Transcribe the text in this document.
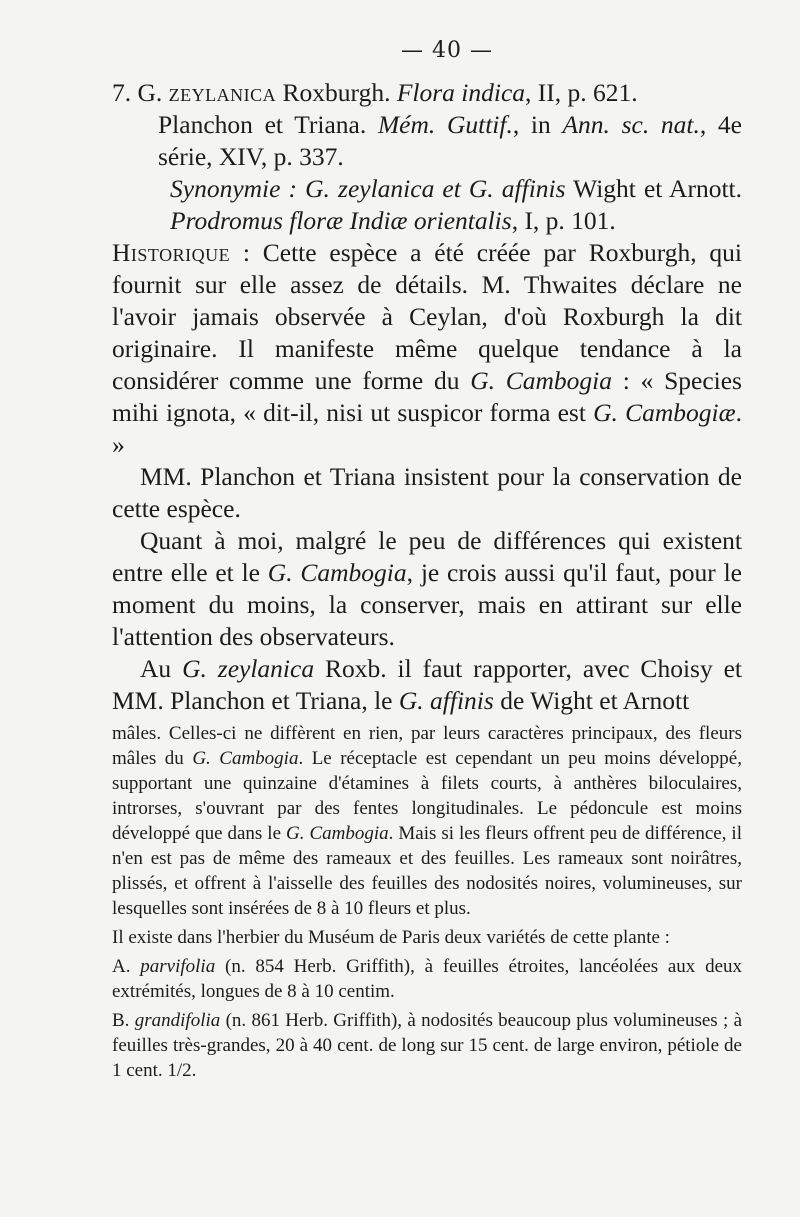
— 40 —

7. G. zeylanica Roxburgh. Flora indica, II, p. 621.

Planchon et Triana. Mém. Guttif., in Ann. sc. nat., 4e série, XIV, p. 337.

Synonymie : G. zeylanica et G. affinis Wight et Arnott. Prodromus floræ Indiæ orientalis, I, p. 101.

Historique : Cette espèce a été créée par Roxburgh, qui fournit sur elle assez de détails. M. Thwaites déclare ne l'avoir jamais observée à Ceylan, d'où Roxburgh la dit originaire. Il manifeste même quelque tendance à la considérer comme une forme du G. Cambogia : « Species mihi ignota, « dit-il, nisi ut suspicor forma est G. Cambogiæ. »

MM. Planchon et Triana insistent pour la conservation de cette espèce.

Quant à moi, malgré le peu de différences qui existent entre elle et le G. Cambogia, je crois aussi qu'il faut, pour le moment du moins, la conserver, mais en attirant sur elle l'attention des observateurs.

Au G. zeylanica Roxb. il faut rapporter, avec Choisy et MM. Planchon et Triana, le G. affinis de Wight et Arnott

mâles. Celles-ci ne diffèrent en rien, par leurs caractères principaux, des fleurs mâles du G. Cambogia. Le réceptacle est cependant un peu moins développé, supportant une quinzaine d'étamines à filets courts, à anthères biloculaires, introrses, s'ouvrant par des fentes longitudinales. Le pédoncule est moins développé que dans le G. Cambogia. Mais si les fleurs offrent peu de différence, il n'en est pas de même des rameaux et des feuilles. Les rameaux sont noirâtres, plissés, et offrent à l'aisselle des feuilles des nodosités noires, volumineuses, sur lesquelles sont insérées de 8 à 10 fleurs et plus.

Il existe dans l'herbier du Muséum de Paris deux variétés de cette plante :

A. parvifolia (n. 854 Herb. Griffith), à feuilles étroites, lancéolées aux deux extrémités, longues de 8 à 10 centim.

B. grandifolia (n. 861 Herb. Griffith), à nodosités beaucoup plus volumineuses ; à feuilles très-grandes, 20 à 40 cent. de long sur 15 cent. de large environ, pétiole de 1 cent. 1/2.
